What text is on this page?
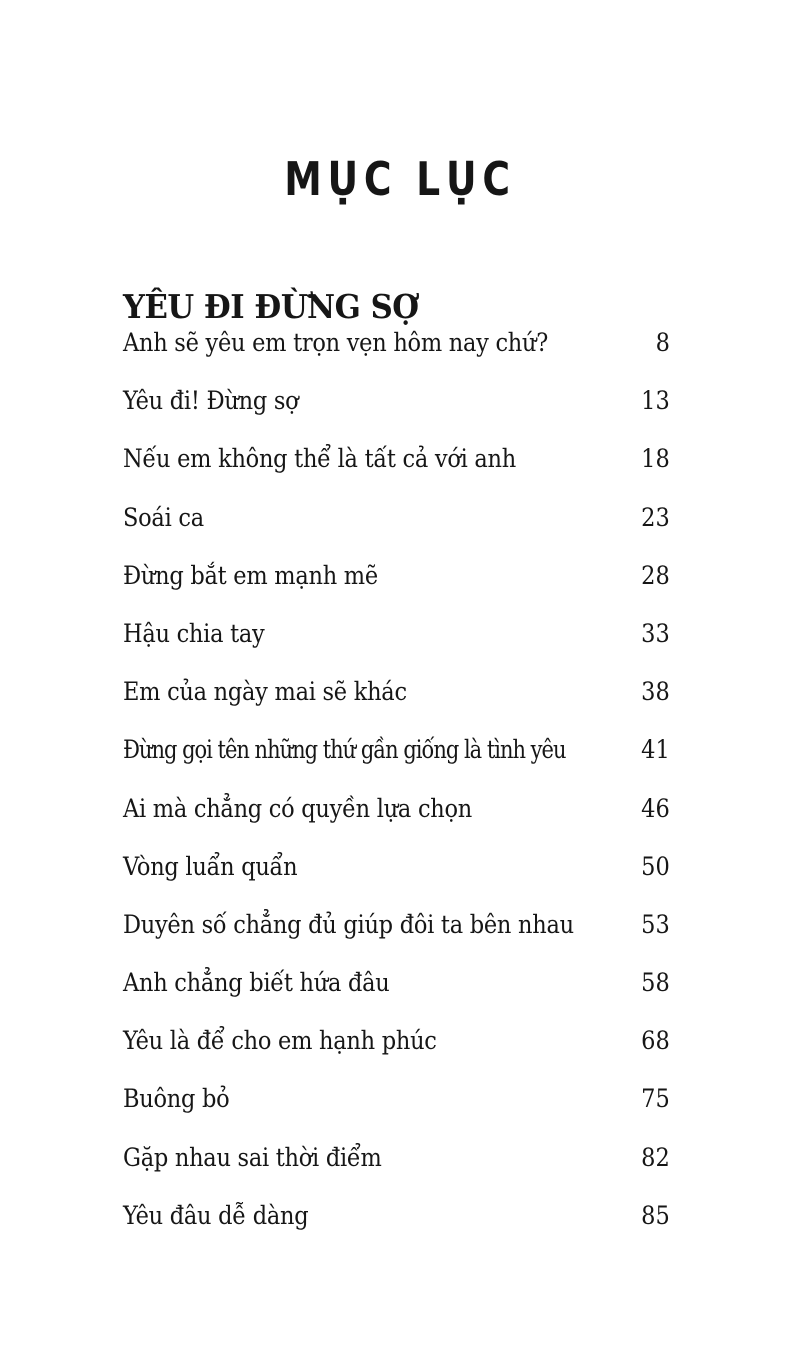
MỤC LỤC
YÊU ĐI ĐỪNG SỢ
Anh sẽ yêu em trọn vẹn hôm nay chứ?	8
Yêu đi! Đừng sợ	13
Nếu em không thể là tất cả với anh	18
Soái ca	23
Đừng bắt em mạnh mẽ	28
Hậu chia tay	33
Em của ngày mai sẽ khác	38
Đừng gọi tên những thứ gần giống là tình yêu	41
Ai mà chẳng có quyền lựa chọn	46
Vòng luẩn quẩn	50
Duyên số chẳng đủ giúp đôi ta bên nhau	53
Anh chẳng biết hứa đâu	58
Yêu là để cho em hạnh phúc	68
Buông bỏ	75
Gặp nhau sai thời điểm	82
Yêu đâu dễ dàng	85
